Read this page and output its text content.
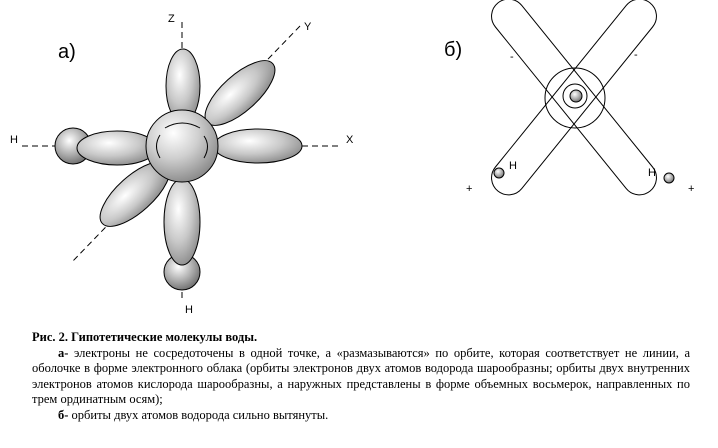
а)
Z
Y
X
H
H
б)	-	-
H
H
+	+
Рис. 2. Гипотетические молекулы воды.
а- электроны не сосредоточены в одной точке, а «размазываются» по орбите, которая соответствует не линии, а оболочке в форме электронного облака (орбиты электронов двух атомов водорода шарообразны; орбиты двух внутренних электронов атомов кислорода шарообразны, а наружных представлены в форме объемных восьмерок, направленных по трем ординатным осям);
б- орбиты двух атомов водорода сильно вытянуты.
